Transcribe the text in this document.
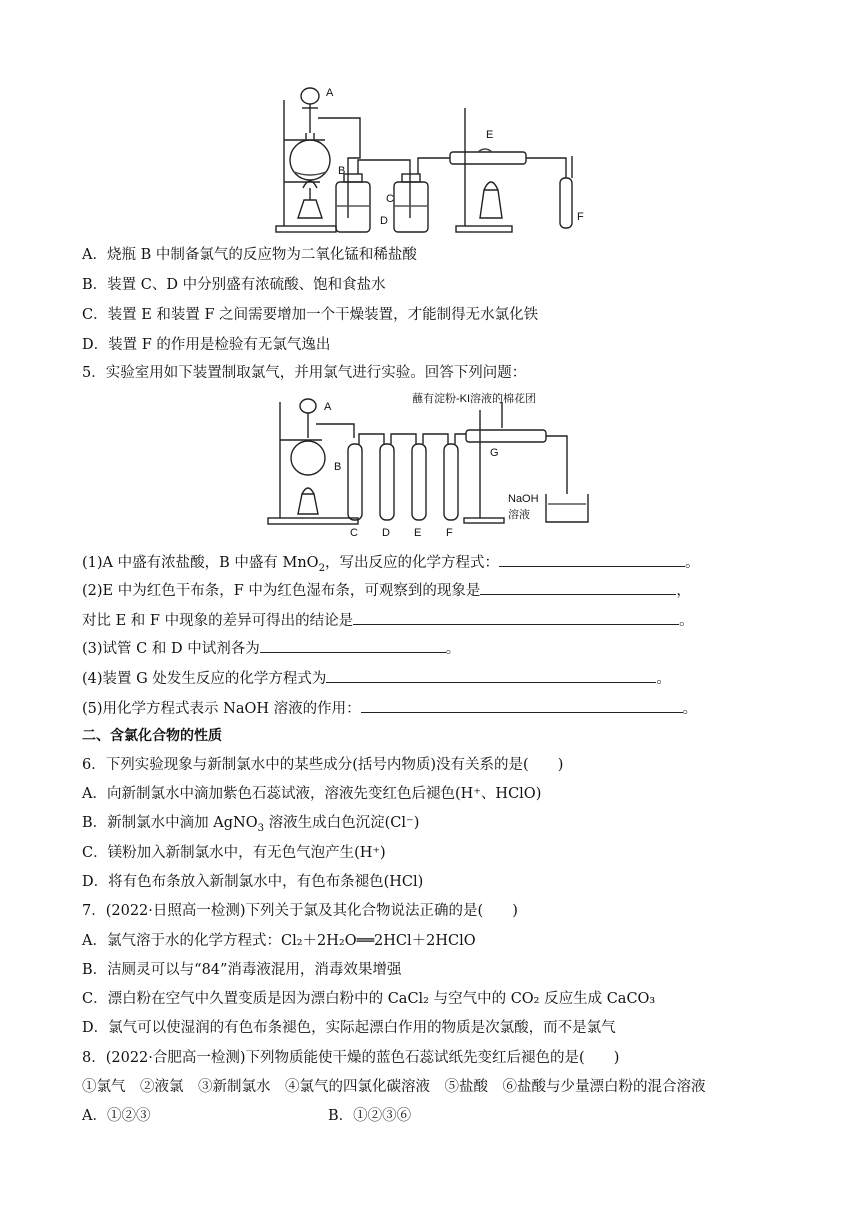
A
B
C
D
E
F
A．烧瓶 B 中制备氯气的反应物为二氧化锰和稀盐酸
B．装置 C、D 中分别盛有浓硫酸、饱和食盐水
C．装置 E 和装置 F 之间需要增加一个干燥装置，才能制得无水氯化铁
D．装置 F 的作用是检验有无氯气逸出
5．实验室用如下装置制取氯气，并用氯气进行实验。回答下列问题：
蘸有淀粉-KI溶液的棉花团
A
B
G
NaOH
溶液
C D E F
(1)A 中盛有浓盐酸，B 中盛有 MnO$_2$，写出反应的化学方程式：	。
(2)E 中为红色干布条，F 中为红色湿布条，可观察到的现象是	，
对比 E 和 F 中现象的差异可得出的结论是	。
(3)试管 C 和 D 中试剂各为	。
(4)装置 G 处发生反应的化学方程式为	。
(5)用化学方程式表示 NaOH 溶液的作用：	。
二、含氯化合物的性质
6．下列实验现象与新制氯水中的某些成分(括号内物质)没有关系的是(　　)
A．向新制氯水中滴加紫色石蕊试液，溶液先变红色后褪色(H⁺、HClO)
B．新制氯水中滴加 AgNO$_3$ 溶液生成白色沉淀(Cl⁻)
C．镁粉加入新制氯水中，有无色气泡产生(H⁺)
D．将有色布条放入新制氯水中，有色布条褪色(HCl)
7．(2022·日照高一检测)下列关于氯及其化合物说法正确的是(　　)
A．氯气溶于水的化学方程式：Cl₂＋2H₂O══2HCl＋2HClO
B．洁厕灵可以与“84”消毒液混用，消毒效果增强
C．漂白粉在空气中久置变质是因为漂白粉中的 CaCl₂ 与空气中的 CO₂ 反应生成 CaCO₃
D．氯气可以使湿润的有色布条褪色，实际起漂白作用的物质是次氯酸，而不是氯气
8．(2022·合肥高一检测)下列物质能使干燥的蓝色石蕊试纸先变红后褪色的是(　　)
①氯气　②液氯　③新制氯水　④氯气的四氯化碳溶液　⑤盐酸　⑥盐酸与少量漂白粉的混合溶液
A．①②③	B．①②③⑥
